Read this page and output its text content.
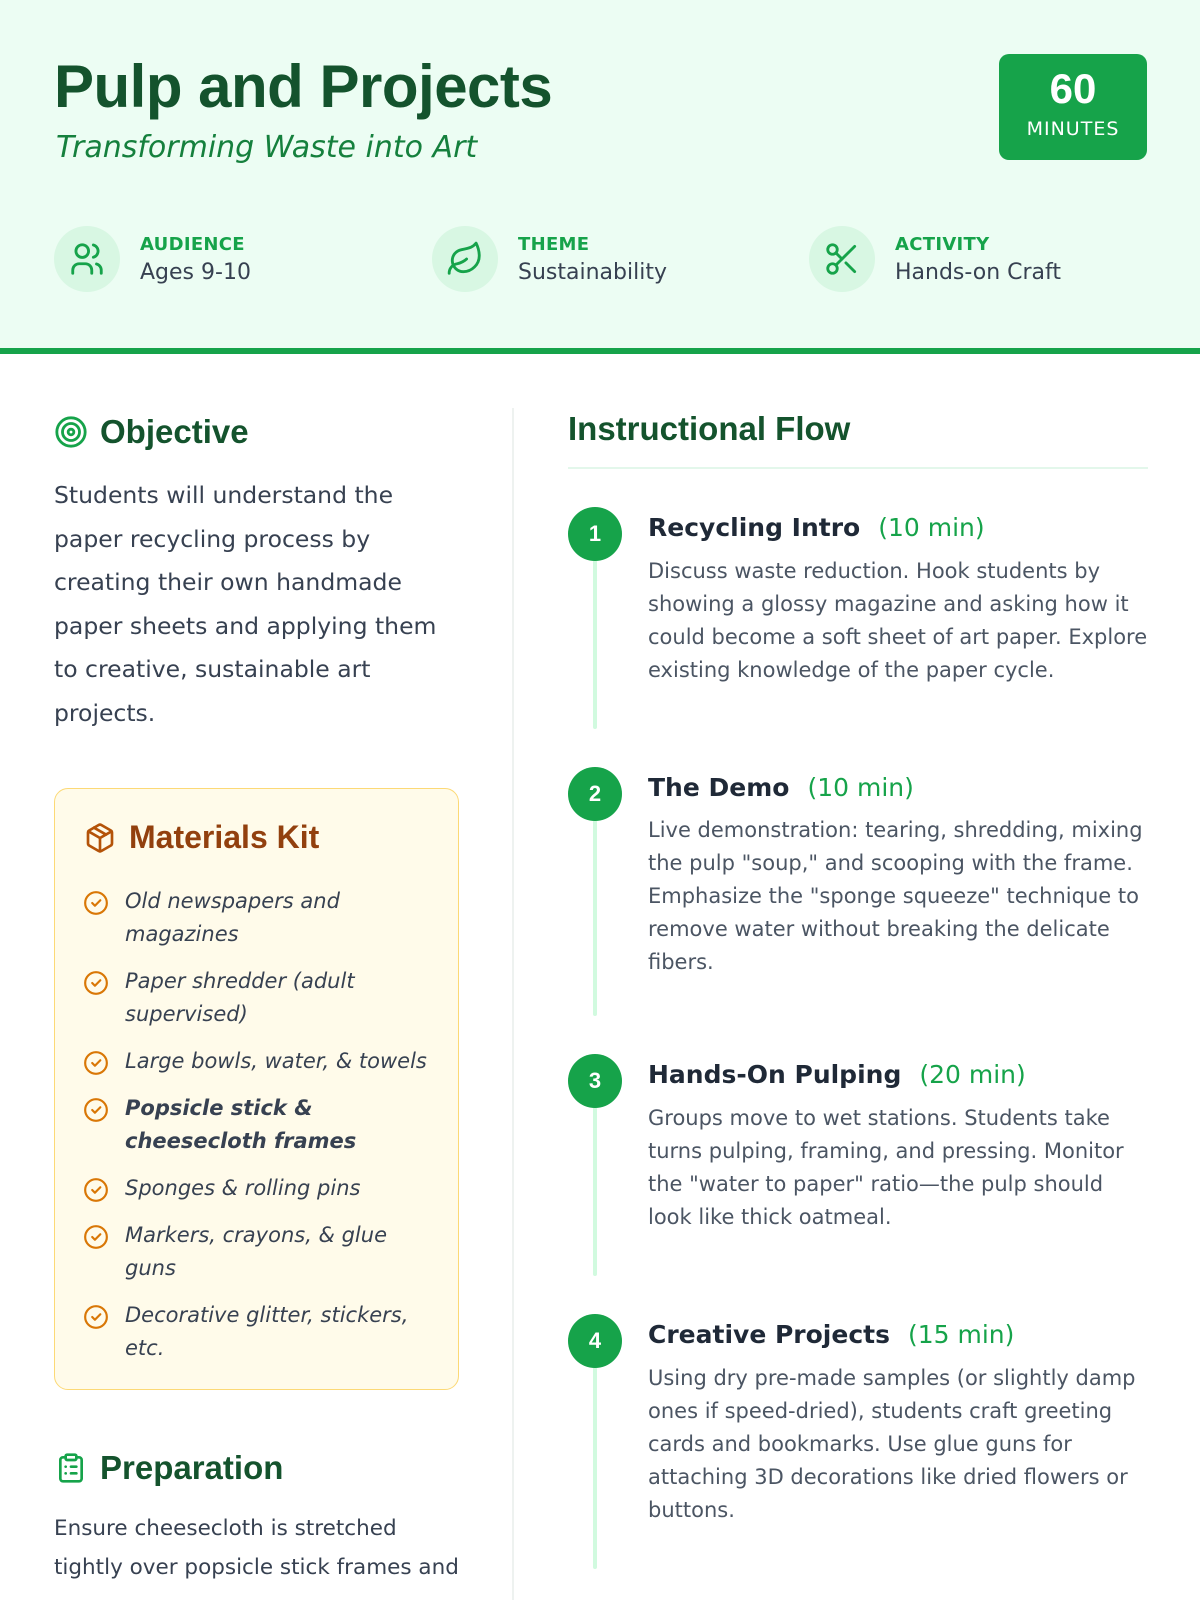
Pulp and Projects
Transforming Waste into Art
60
MINUTES
AUDIENCE
Ages 9-10
THEME
Sustainability
ACTIVITY
Hands-on Craft
Objective

Students will understand the paper recycling process by creating their own handmade paper sheets and applying them to creative, sustainable art projects.

Materials Kit
Old newspapers and magazines
Paper shredder (adult supervised)
Large bowls, water, & towels
Popsicle stick & cheesecloth frames
Sponges & rolling pins
Markers, crayons, & glue guns
Decorative glitter, stickers, etc.
Preparation

Ensure cheesecloth is stretched tightly over popsicle stick frames and

Instructional Flow
1	Recycling Intro (10 min)

Discuss waste reduction. Hook students by showing a glossy magazine and asking how it could become a soft sheet of art paper. Explore existing knowledge of the paper cycle.

2	The Demo (10 min)

Live demonstration: tearing, shredding, mixing the pulp "soup," and scooping with the frame. Emphasize the "sponge squeeze" technique to remove water without breaking the delicate fibers.

3	Hands-On Pulping (20 min)

Groups move to wet stations. Students take turns pulping, framing, and pressing. Monitor the "water to paper" ratio—the pulp should look like thick oatmeal.

4	Creative Projects (15 min)

Using dry pre-made samples (or slightly damp ones if speed-dried), students craft greeting cards and bookmarks. Use glue guns for attaching 3D decorations like dried flowers or buttons.
